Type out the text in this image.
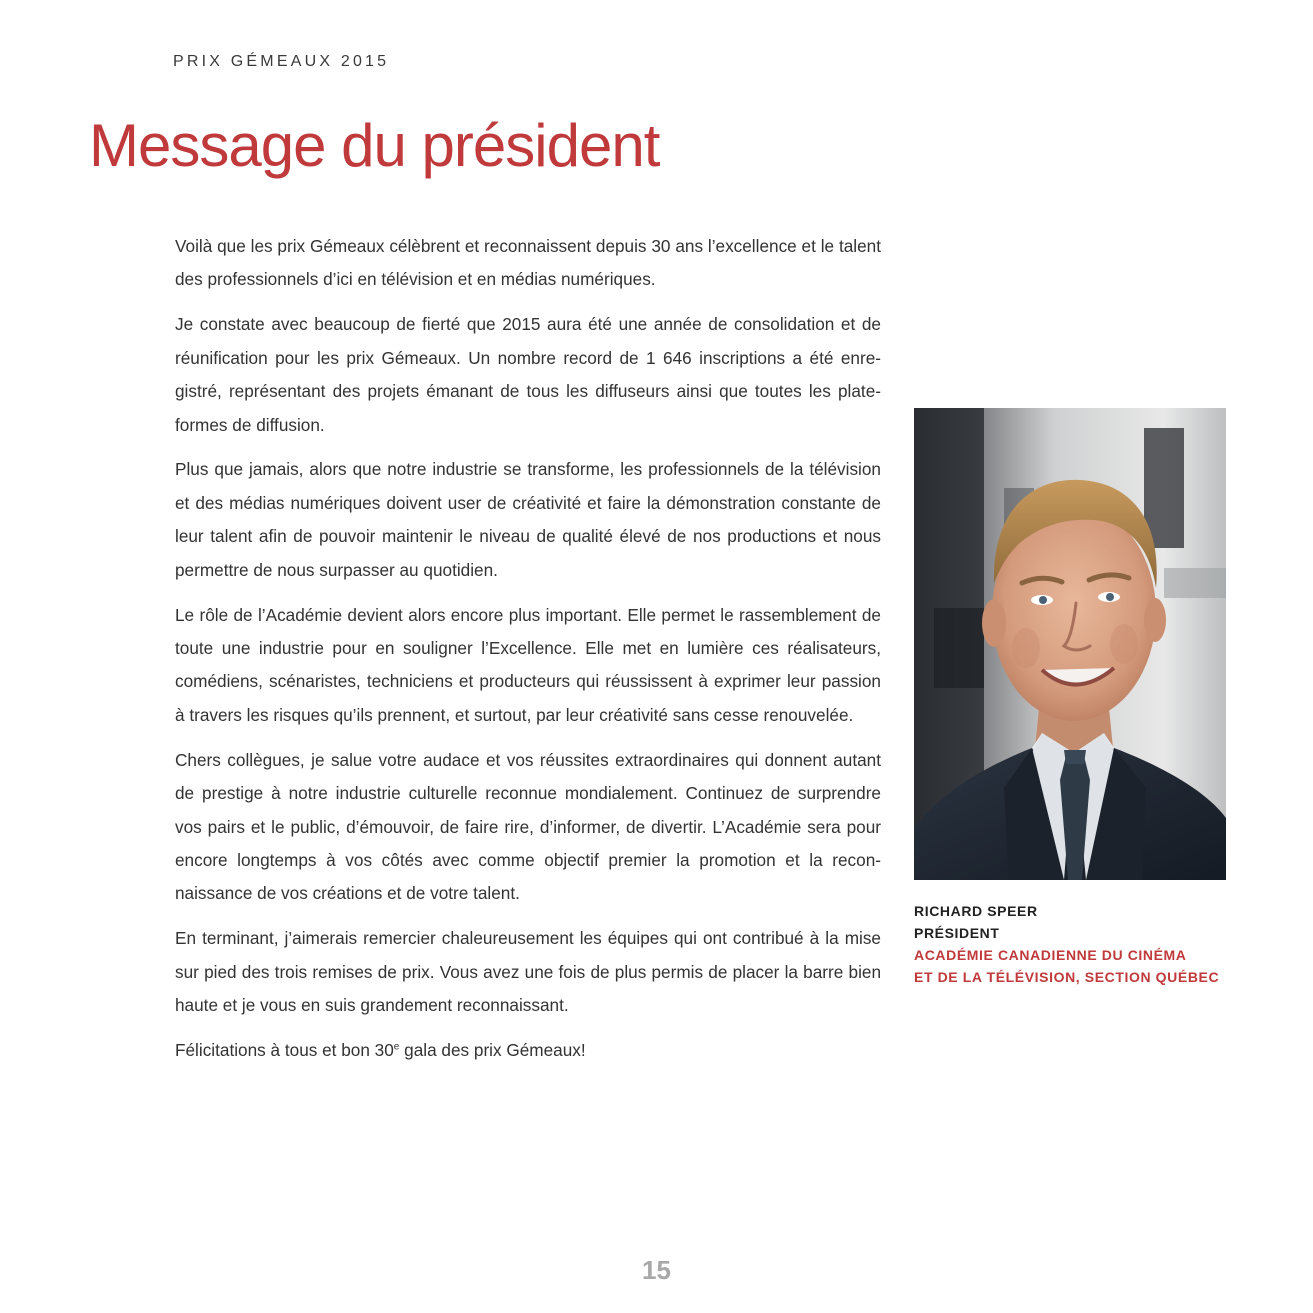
PRIX GÉMEAUX 2015
Message du président

Voilà que les prix Gémeaux célèbrent et reconnaissent depuis 30 ans l’excellence et le talent des professionnels d’ici en télévision et en médias numériques.

Je constate avec beaucoup de fierté que 2015 aura été une année de consolidation et de réunification pour les prix Gémeaux. Un nombre record de 1 646 inscriptions a été enregistré, représentant des projets émanant de tous les diffuseurs ainsi que toutes les plateformes de diffusion.

Plus que jamais, alors que notre industrie se transforme, les professionnels de la télévision et des médias numériques doivent user de créativité et faire la démonstration constante de leur talent afin de pouvoir maintenir le niveau de qualité élevé de nos productions et nous permettre de nous surpasser au quotidien.

Le rôle de l’Académie devient alors encore plus important. Elle permet le rassemblement de toute une industrie pour en souligner l’Excellence. Elle met en lumière ces réalisateurs, comédiens, scénaristes, techniciens et producteurs qui réussissent à exprimer leur passion à travers les risques qu’ils prennent, et surtout, par leur créativité sans cesse renouvelée.

Chers collègues, je salue votre audace et vos réussites extraordinaires qui donnent autant de prestige à notre industrie culturelle reconnue mondialement. Continuez de surprendre vos pairs et le public, d’émouvoir, de faire rire, d’informer, de divertir. L’Académie sera pour encore longtemps à vos côtés avec comme objectif premier la promotion et la reconnaissance de vos créations et de votre talent.

En terminant, j’aimerais remercier chaleureusement les équipes qui ont contribué à la mise sur pied des trois remises de prix. Vous avez une fois de plus permis de placer la barre bien haute et je vous en suis grandement reconnaissant.

Félicitations à tous et bon 30e gala des prix Gémeaux!

RICHARD SPEER
PRÉSIDENT
ACADÉMIE CANADIENNE DU CINÉMA
ET DE LA TÉLÉVISION, SECTION QUÉBEC
15
